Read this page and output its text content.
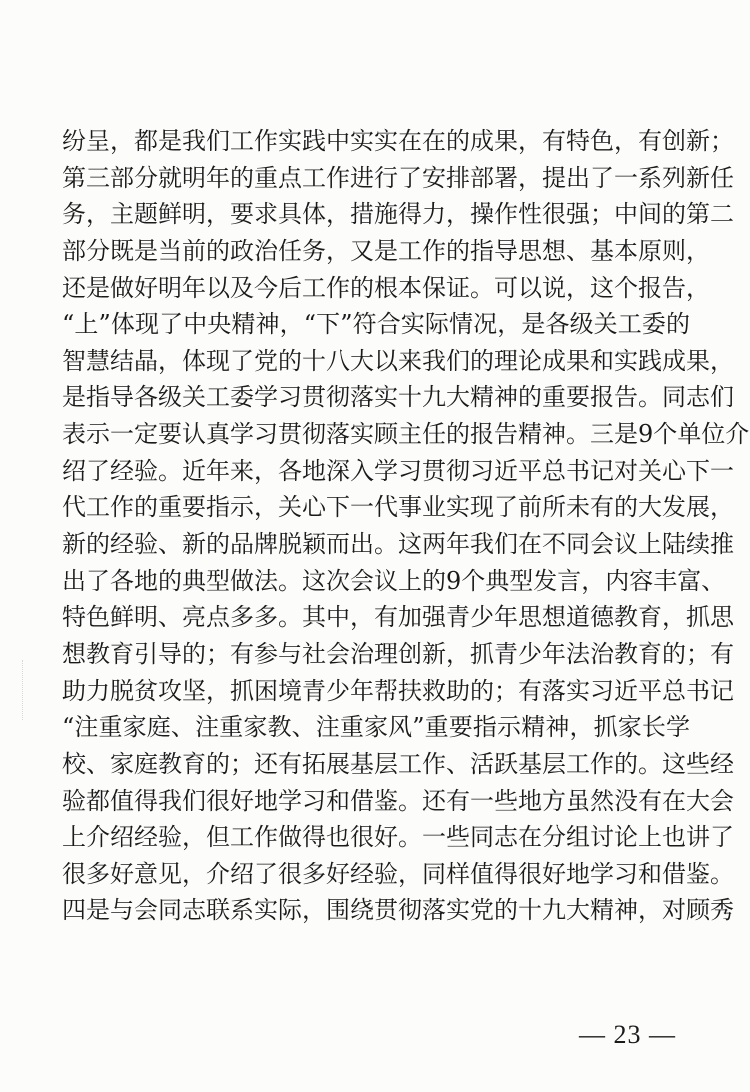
纷呈，都是我们工作实践中实实在在的成果，有特色，有创新；
第三部分就明年的重点工作进行了安排部署，提出了一系列新任
务，主题鲜明，要求具体，措施得力，操作性很强；中间的第二
部分既是当前的政治任务，又是工作的指导思想、基本原则，
还是做好明年以及今后工作的根本保证。可以说，这个报告，
“上”体现了中央精神，“下”符合实际情况，是各级关工委的
智慧结晶，体现了党的十八大以来我们的理论成果和实践成果，
是指导各级关工委学习贯彻落实十九大精神的重要报告。同志们
表示一定要认真学习贯彻落实顾主任的报告精神。三是9个单位介
绍了经验。近年来，各地深入学习贯彻习近平总书记对关心下一
代工作的重要指示，关心下一代事业实现了前所未有的大发展，
新的经验、新的品牌脱颖而出。这两年我们在不同会议上陆续推
出了各地的典型做法。这次会议上的9个典型发言，内容丰富、
特色鲜明、亮点多多。其中，有加强青少年思想道德教育，抓思
想教育引导的；有参与社会治理创新，抓青少年法治教育的；有
助力脱贫攻坚，抓困境青少年帮扶救助的；有落实习近平总书记
“注重家庭、注重家教、注重家风”重要指示精神，抓家长学
校、家庭教育的；还有拓展基层工作、活跃基层工作的。这些经
验都值得我们很好地学习和借鉴。还有一些地方虽然没有在大会
上介绍经验，但工作做得也很好。一些同志在分组讨论上也讲了
很多好意见，介绍了很多好经验，同样值得很好地学习和借鉴。
四是与会同志联系实际，围绕贯彻落实党的十九大精神，对顾秀
— 23 —
